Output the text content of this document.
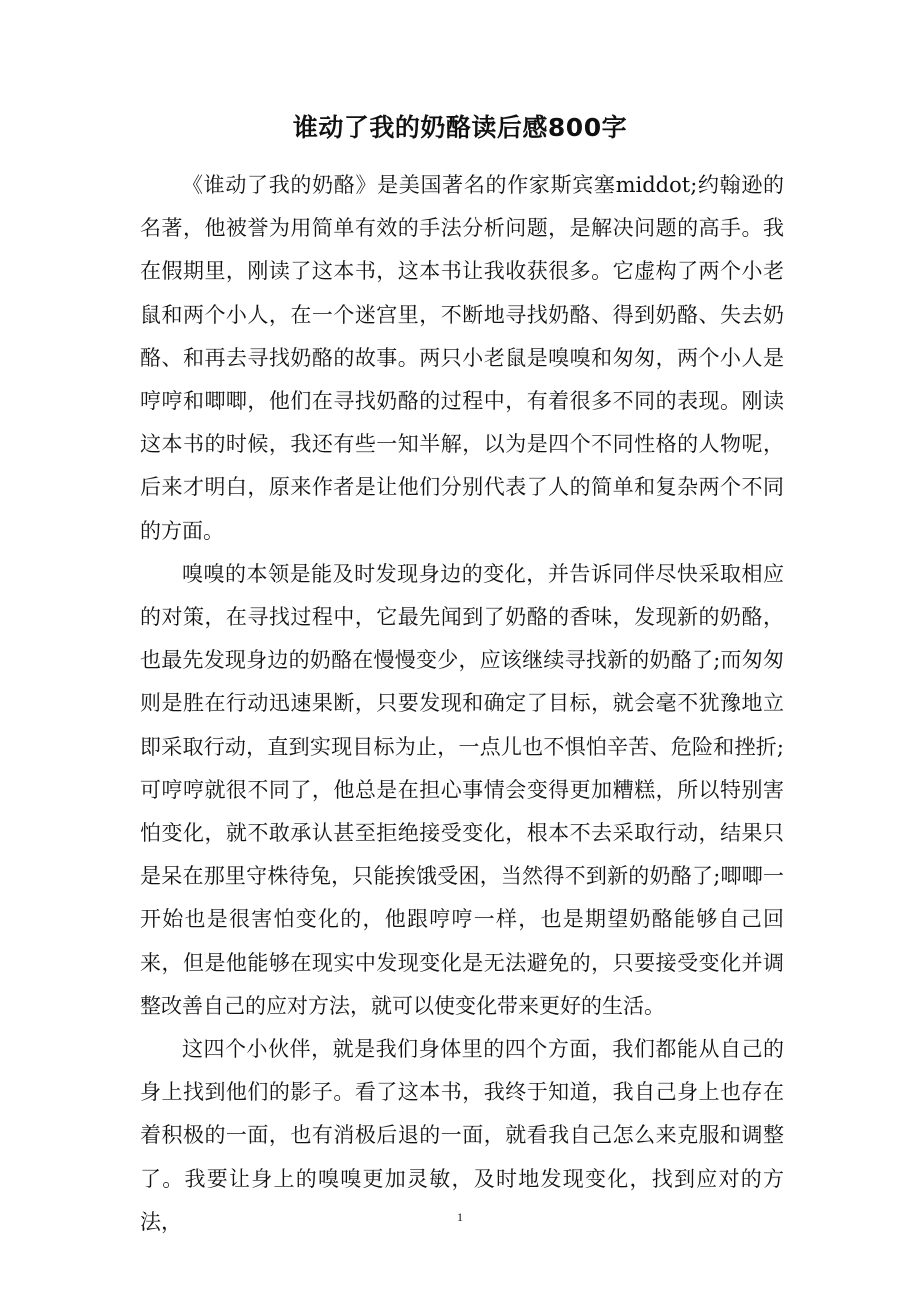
谁动了我的奶酪读后感800字

《谁动了我的奶酪》是美国著名的作家斯宾塞middot;约翰逊的名著，他被誉为用简单有效的手法分析问题，是解决问题的高手。我在假期里，刚读了这本书，这本书让我收获很多。它虚构了两个小老鼠和两个小人，在一个迷宫里，不断地寻找奶酪、得到奶酪、失去奶酪、和再去寻找奶酪的故事。两只小老鼠是嗅嗅和匆匆，两个小人是哼哼和唧唧，他们在寻找奶酪的过程中，有着很多不同的表现。刚读这本书的时候，我还有些一知半解，以为是四个不同性格的人物呢，后来才明白，原来作者是让他们分别代表了人的简单和复杂两个不同的方面。

嗅嗅的本领是能及时发现身边的变化，并告诉同伴尽快采取相应的对策，在寻找过程中，它最先闻到了奶酪的香味，发现新的奶酪，也最先发现身边的奶酪在慢慢变少，应该继续寻找新的奶酪了;而匆匆则是胜在行动迅速果断，只要发现和确定了目标，就会毫不犹豫地立即采取行动，直到实现目标为止，一点儿也不惧怕辛苦、危险和挫折;可哼哼就很不同了，他总是在担心事情会变得更加糟糕，所以特别害怕变化，就不敢承认甚至拒绝接受变化，根本不去采取行动，结果只是呆在那里守株待兔，只能挨饿受困，当然得不到新的奶酪了;唧唧一开始也是很害怕变化的，他跟哼哼一样，也是期望奶酪能够自己回来，但是他能够在现实中发现变化是无法避免的，只要接受变化并调整改善自己的应对方法，就可以使变化带来更好的生活。

这四个小伙伴，就是我们身体里的四个方面，我们都能从自己的身上找到他们的影子。看了这本书，我终于知道，我自己身上也存在着积极的一面，也有消极后退的一面，就看我自己怎么来克服和调整了。我要让身上的嗅嗅更加灵敏，及时地发现变化，找到应对的方法，	1
